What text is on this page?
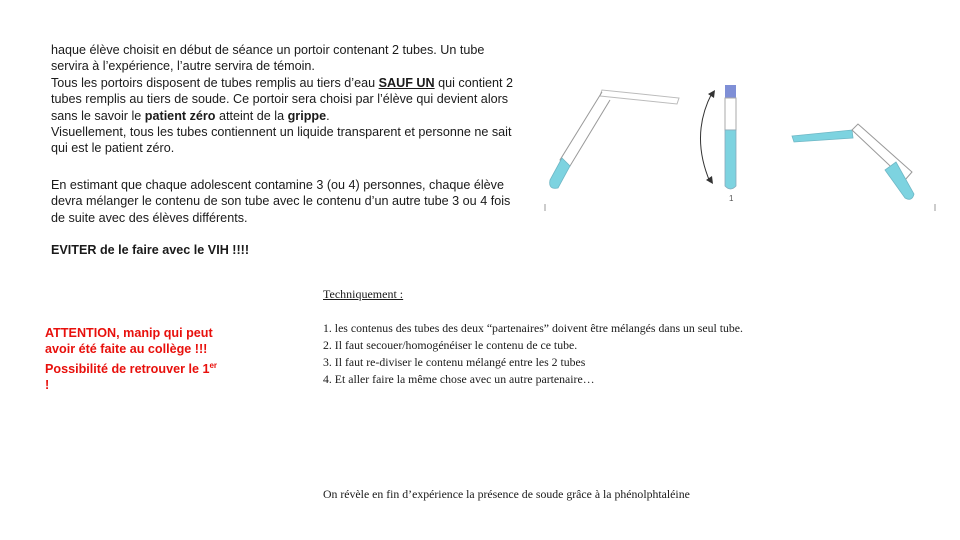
haque élève choisit en début de séance un portoir contenant 2 tubes. Un tube servira à l’expérience, l’autre servira de témoin.
Tous les portoirs disposent de tubes remplis au tiers d’eau SAUF UN qui contient 2 tubes remplis au tiers de soude. Ce portoir sera choisi par l’élève qui devient alors sans le savoir le patient zéro atteint de la grippe.
Visuellement, tous les tubes contiennent un liquide transparent et personne ne sait qui est le patient zéro.

En estimant que chaque adolescent contamine 3 (ou 4) personnes, chaque élève devra mélanger le contenu de son tube avec le contenu d’un autre tube 3 ou 4 fois de suite avec des élèves différents.

EVITER de le faire avec le VIH !!!!

ATTENTION, manip qui peut avoir été faite au collège !!! Possibilité de retrouver le 1er !

Techniquement :

1. les contenus des tubes des deux “partenaires” doivent être mélangés dans un seul tube.
2. Il faut secouer/homogénéiser le contenu de ce tube.
3. Il faut re-diviser le contenu mélangé entre les 2 tubes
4. Et aller faire la même chose avec un autre partenaire…

On révèle en fin d’expérience la présence de soude grâce à la phénolphtaléine

1
